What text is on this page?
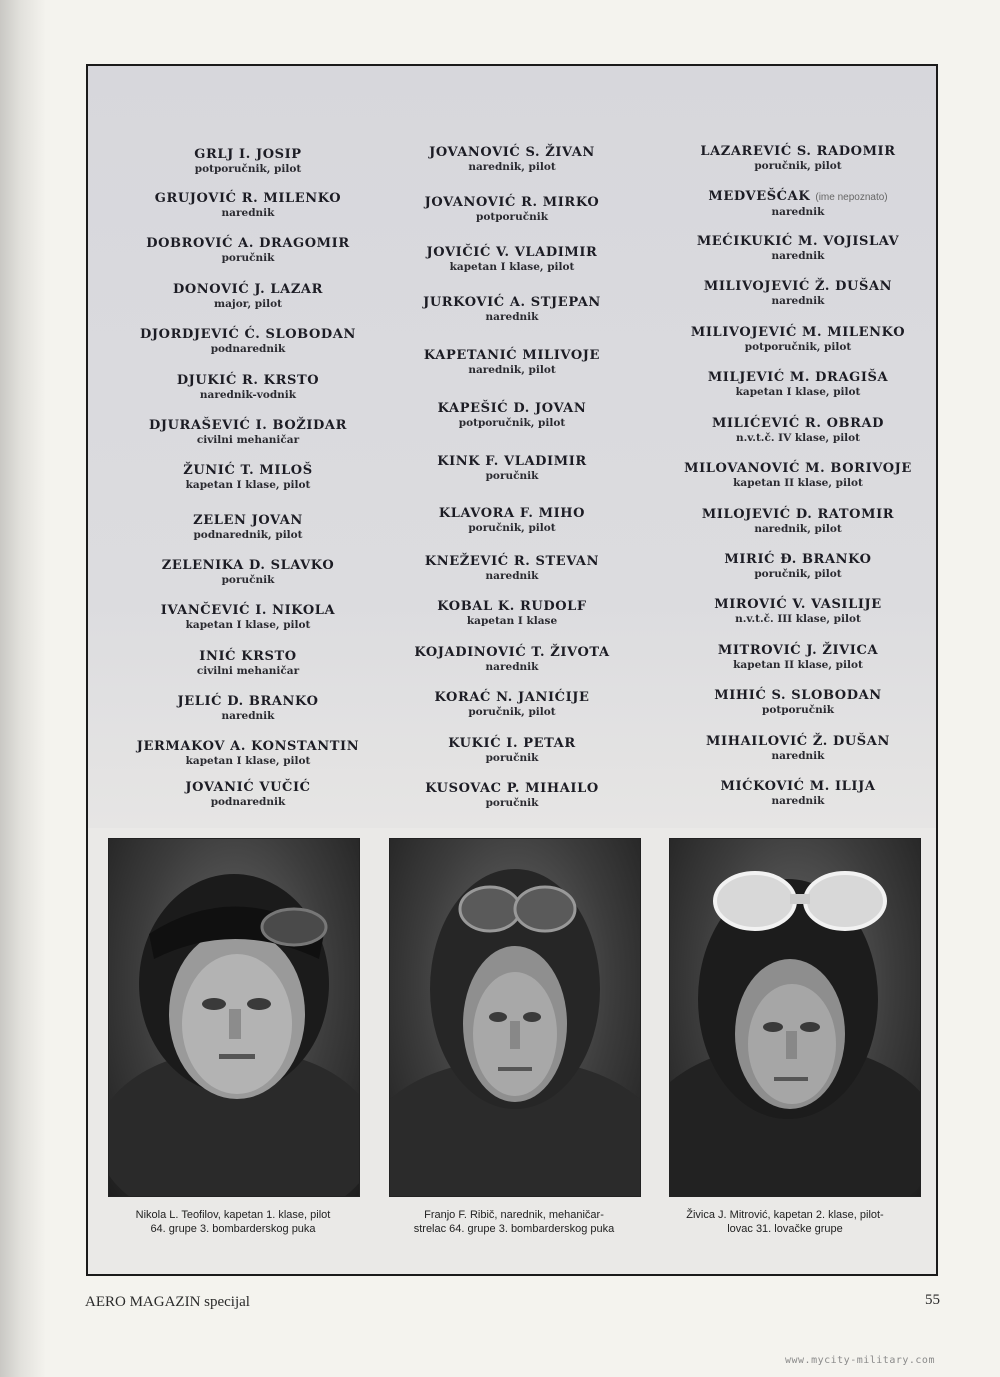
GRLJ I. JOSIP
potporučnik, pilot
GRUJOVIĆ R. MILENKO
narednik
DOBROVIĆ A. DRAGOMIR
poručnik
DONOVIĆ J. LAZAR
major, pilot
DJORDJEVIĆ Ć. SLOBODAN
podnarednik
DJUKIĆ R. KRSTO
narednik-vodnik
DJURAŠEVIĆ I. BOŽIDAR
civilni mehaničar
ŽUNIĆ T. MILOŠ
kapetan I klase, pilot
ZELEN JOVAN
podnarednik, pilot
ZELENIKA D. SLAVKO
poručnik
IVANČEVIĆ I. NIKOLA
kapetan I klase, pilot
INIĆ KRSTO
civilni mehaničar
JELIĆ D. BRANKO
narednik
JERMAKOV A. KONSTANTIN
kapetan I klase, pilot
JOVANIĆ VUČIĆ
podnarednik
JOVANOVIĆ S. ŽIVAN
narednik, pilot
JOVANOVIĆ R. MIRKO
potporučnik
JOVIČIĆ V. VLADIMIR
kapetan I klase, pilot
JURKOVIĆ A. STJEPAN
narednik
KAPETANIĆ MILIVOJE
narednik, pilot
KAPEŠIĆ D. JOVAN
potporučnik, pilot
KINK F. VLADIMIR
poručnik
KLAVORA F. MIHO
poručnik, pilot
KNEŽEVIĆ R. STEVAN
narednik
KOBAL K. RUDOLF
kapetan I klase
KOJADINOVIĆ T. ŽIVOTA
narednik
KORAĆ N. JANIĆIJE
poručnik, pilot
KUKIĆ I. PETAR
poručnik
KUSOVAC P. MIHAILO
poručnik
LAZAREVIĆ S. RADOMIR
poručnik, pilot
MEDVEŠĆAK (ime nepoznato)
narednik
MEĆIKUKIĆ M. VOJISLAV
narednik
MILIVOJEVIĆ Ž. DUŠAN
narednik
MILIVOJEVIĆ M. MILENKO
potporučnik, pilot
MILJEVIĆ M. DRAGIŠA
kapetan I klase, pilot
MILIĆEVIĆ R. OBRAD
n.v.t.č. IV klase, pilot
MILOVANOVIĆ M. BORIVOJE
kapetan II klase, pilot
MILOJEVIĆ D. RATOMIR
narednik, pilot
MIRIĆ Đ. BRANKO
poručnik, pilot
MIROVIĆ V. VASILIJE
n.v.t.č. III klase, pilot
MITROVIĆ J. ŽIVICA
kapetan II klase, pilot
MIHIĆ S. SLOBODAN
potporučnik
MIHAILOVIĆ Ž. DUŠAN
narednik
MIĆKOVIĆ M. ILIJA
narednik
Nikola L. Teofilov, kapetan 1. klase, pilot
64. grupe 3. bombarderskog puka
Franjo F. Ribič, narednik, mehaničar-
strelac 64. grupe 3. bombarderskog puka
Živica J. Mitrović, kapetan 2. klase, pilot-
lovac 31. lovačke grupe
AERO MAGAZIN specijal	55
www.mycity-military.com
